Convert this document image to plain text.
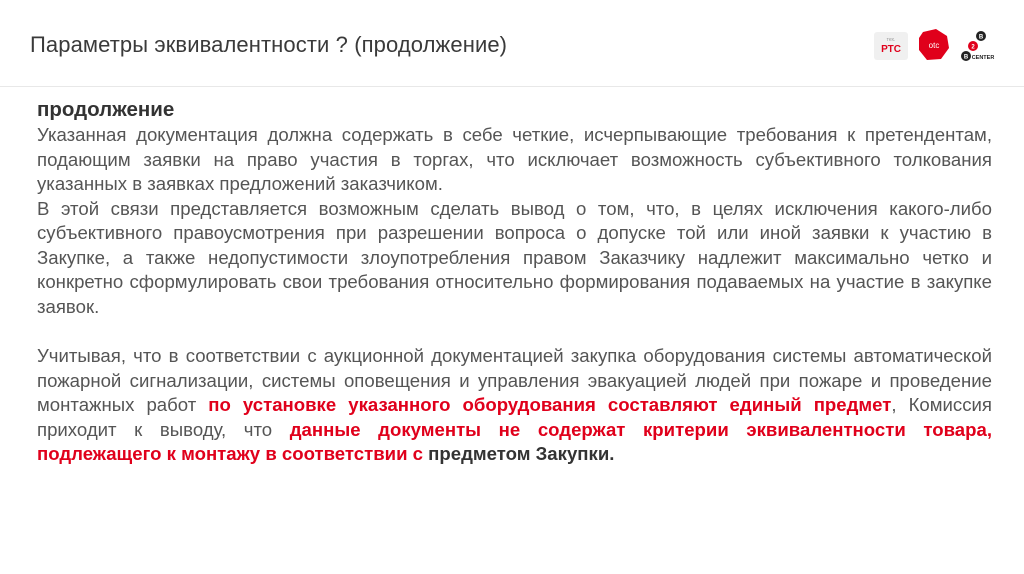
Параметры эквивалентности ? (продолжение)	тех.
РТС	otc
B
2
B CENTER
продолжение

Указанная документация должна содержать в себе четкие, исчерпывающие требования к претендентам, подающим заявки на право участия в торгах, что исключает возможность субъективного толкования указанных в заявках предложений заказчиком.

В этой связи представляется возможным сделать вывод о том, что, в целях исключения какого-либо субъективного правоусмотрения при разрешении вопроса о допуске той или иной заявки к участию в Закупке, а также недопустимости злоупотребления правом Заказчику надлежит максимально четко и конкретно сформулировать свои требования относительно формирования подаваемых на участие в закупке заявок.

Учитывая, что в соответствии с аукционной документацией закупка оборудования системы автоматической пожарной сигнализации, системы оповещения и управления эвакуацией людей при пожаре и проведение монтажных работ по установке указанного оборудования составляют единый предмет, Комиссия приходит к выводу, что данные документы не содержат критерии эквивалентности товара, подлежащего к монтажу в соответствии с предметом Закупки.
